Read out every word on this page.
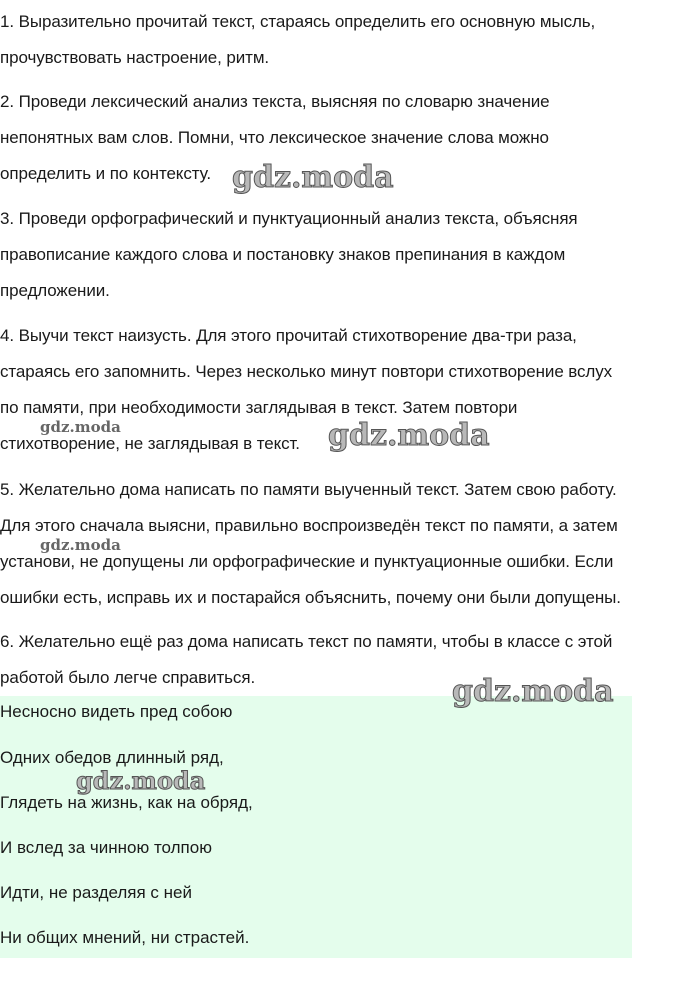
1. Выразительно прочитай текст, стараясь определить его основную мысль,
прочувствовать настроение, ритм.
2. Проведи лексический анализ текста, выясняя по словарю значение
непонятных вам слов. Помни, что лексическое значение слова можно
определить и по контексту.
3. Проведи орфографический и пунктуационный анализ текста, объясняя
правописание каждого слова и постановку знаков препинания в каждом
предложении.
4. Выучи текст наизусть. Для этого прочитай стихотворение два-три раза,
стараясь его запомнить. Через несколько минут повтори стихотворение вслух
по памяти, при необходимости заглядывая в текст. Затем повтори
стихотворение, не заглядывая в текст.
5. Желательно дома написать по памяти выученный текст. Затем свою работу.
Для этого сначала выясни, правильно воспроизведён текст по памяти, а затем
установи, не допущены ли орфографические и пунктуационные ошибки. Если
ошибки есть, исправь их и постарайся объяснить, почему они были допущены.
6. Желательно ещё раз дома написать текст по памяти, чтобы в классе с этой
работой было легче справиться.
Несносно видеть пред собою
Одних обедов длинный ряд,
Глядеть на жизнь, как на обряд,
И вслед за чинною толпою
Идти, не разделяя с ней
Ни общих мнений, ни страстей.
gdz.moda
gdz.moda	gdz.moda
gdz.moda
gdz.moda
gdz.moda
